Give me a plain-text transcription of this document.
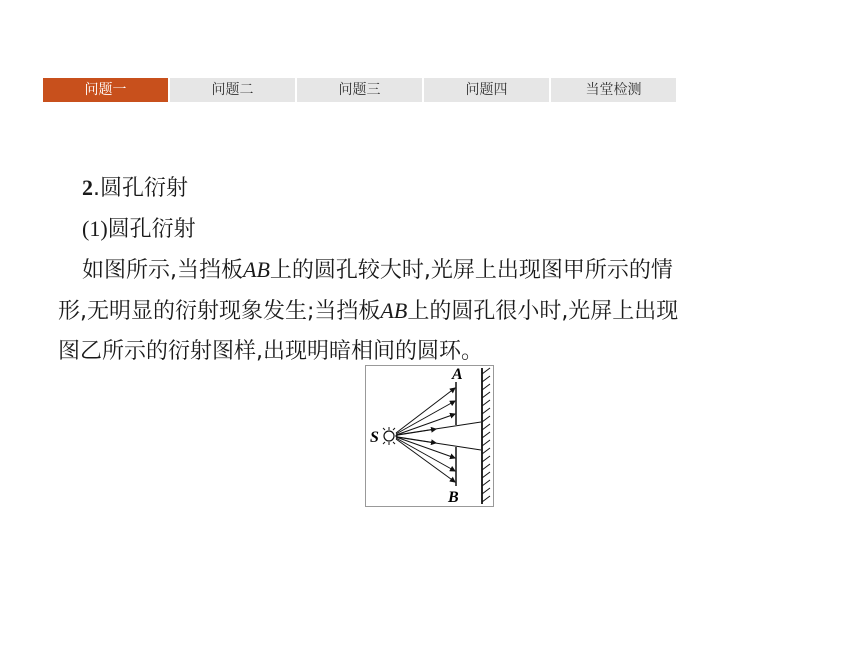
问题一	问题二	问题三	问题四	当堂检测
2.圆孔衍射
(1)圆孔衍射
如图所示,当挡板AB上的圆孔较大时,光屏上出现图甲所示的情
形,无明显的衍射现象发生;当挡板AB上的圆孔很小时,光屏上出现
图乙所示的衍射图样,出现明暗相间的圆环。
S
A
B
